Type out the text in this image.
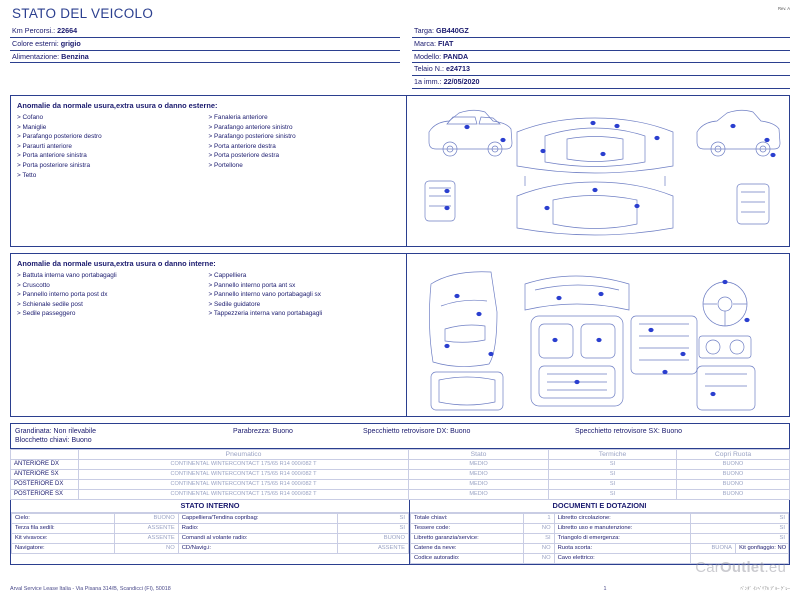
Rev. A
STATO DEL VEICOLO
Km Percorsi.: 22664
Colore esterni: grigio
Alimentazione: Benzina
Targa: GB440GZ
Marca: FIAT
Modello: PANDA
Telaio N.: e24713
1a imm.: 22/05/2020
Anomalie da normale usura,extra usura o danno esterne:
> Cofano
> Maniglie
> Parafango posteriore destro
> Paraurti anteriore
> Porta anteriore sinistra
> Porta posteriore sinistra
> Tetto
> Fanaleria anteriore
> Parafango anteriore sinistro
> Parafango posteriore sinistro
> Porta anteriore destra
> Porta posteriore destra
> Portellone
Anomalie da normale usura,extra usura o danno interne:
> Battuta interna vano portabagagli
> Cruscotto
> Pannello interno porta post dx
> Schienale sedile post
> Sedile passeggero
> Cappelliera
> Pannello interno porta ant sx
> Pannello interno vano portabagagli sx
> Sedile guidatore
> Tappezzeria interna vano portabagagli
Grandinata: Non rilevabile	Parabrezza: Buono	Specchietto retrovisore DX: Buono	Specchietto retrovisore SX: Buono
Blocchetto chiavi: Buono
	Pneumatico	Stato	Termiche	Copri Ruota
ANTERIORE DX	CONTINENTAL WINTERCONTACT 175/65 R14 000/082 T	MEDIO	SI	BUONO
ANTERIORE SX	CONTINENTAL WINTERCONTACT 175/65 R14 000/082 T	MEDIO	SI	BUONO
POSTERIORE DX	CONTINENTAL WINTERCONTACT 175/65 R14 000/082 T	MEDIO	SI	BUONO
POSTERIORE SX	CONTINENTAL WINTERCONTACT 175/65 R14 000/082 T	MEDIO	SI	BUONO
STATO INTERNO
Cielo:	BUONO	Cappelliera/Tendina copribag:	SI
Terza fila sedili:	ASSENTE	Radio:	SI
Kit vivavoce:	ASSENTE	Comandi al volante radio:	BUONO
Navigatore:	NO	CD/Navig.i:	ASSENTE
DOCUMENTI E DOTAZIONI
Totale chiavi:	1	Libretto circolazione:	SI	
Tessere code:	NO	Libretto uso e manutenzione:	SI	
Libretto garanzia/service:	SI	Triangolo di emergenza:	SI	
Catene da neve:	NO	Ruota scorta:	BUONA	Kit gonfiaggio: NO
Codice autoradio:	NO	Cavo elettrico:		
CarOutlet.eu
Arval Service Lease Italia - Via Pisana 314/B, Scandicci (FI), 50018	1	ﾊﾟﾝﾀﾞ ｲﾝﾍﾟﾘｱﾙ ﾌﾞﾙｰ ｸﾞﾚｰ
